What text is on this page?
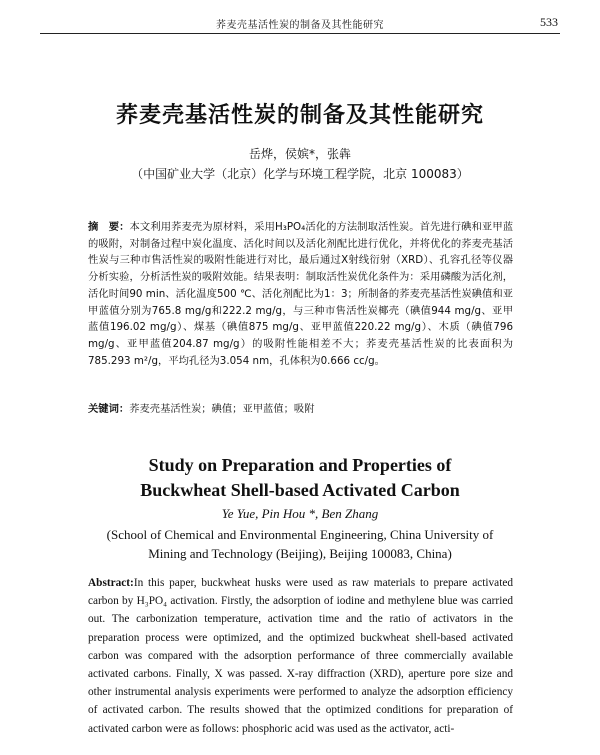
荞麦壳基活性炭的制备及其性能研究	533
荞麦壳基活性炭的制备及其性能研究
岳烨，侯嫔*，张犇
（中国矿业大学（北京）化学与环境工程学院，北京 100083）
摘　要：本文利用荞麦壳为原材料，采用H₃PO₄活化的方法制取活性炭。首先进行碘和亚甲蓝的吸附，对制备过程中炭化温度、活化时间以及活化剂配比进行优化，并将优化的荞麦壳基活性炭与三种市售活性炭的吸附性能进行对比，最后通过X射线衍射（XRD）、孔容孔径等仪器分析实验，分析活性炭的吸附效能。结果表明：制取活性炭优化条件为：采用磷酸为活化剂，活化时间90 min、活化温度500 ℃、活化剂配比为1：3；所制备的荞麦壳基活性炭碘值和亚甲蓝值分别为765.8 mg/g和222.2 mg/g，与三种市售活性炭椰壳（碘值944 mg/g、亚甲蓝值196.02 mg/g）、煤基（碘值875 mg/g、亚甲蓝值220.22 mg/g）、木质（碘值796 mg/g、亚甲蓝值204.87 mg/g）的吸附性能相差不大；荞麦壳基活性炭的比表面积为785.293 m²/g，平均孔径为3.054 nm，孔体积为0.666 cc/g。
关键词：荞麦壳基活性炭；碘值；亚甲蓝值；吸附
Study on Preparation and Properties of
Buckwheat Shell-based Activated Carbon
Ye Yue, Pin Hou *, Ben Zhang
(School of Chemical and Environmental Engineering, China University of Mining and Technology (Beijing), Beijing 100083, China)
Abstract:In this paper, buckwheat husks were used as raw materials to prepare activated carbon by H₃PO₄ activation. Firstly, the adsorption of iodine and methylene blue was carried out. The carbonization temperature, activation time and the ratio of activators in the preparation process were optimized, and the optimized buckwheat shell-based activated carbon was compared with the adsorption performance of three commercially available activated carbons. Finally, X was passed. X-ray diffraction (XRD), aperture pore size and other instrumental analysis experiments were performed to analyze the adsorption efficiency of activated carbon. The results showed that the optimized conditions for preparation of activated carbon were as follows: phosphoric acid was used as the activator, acti-
